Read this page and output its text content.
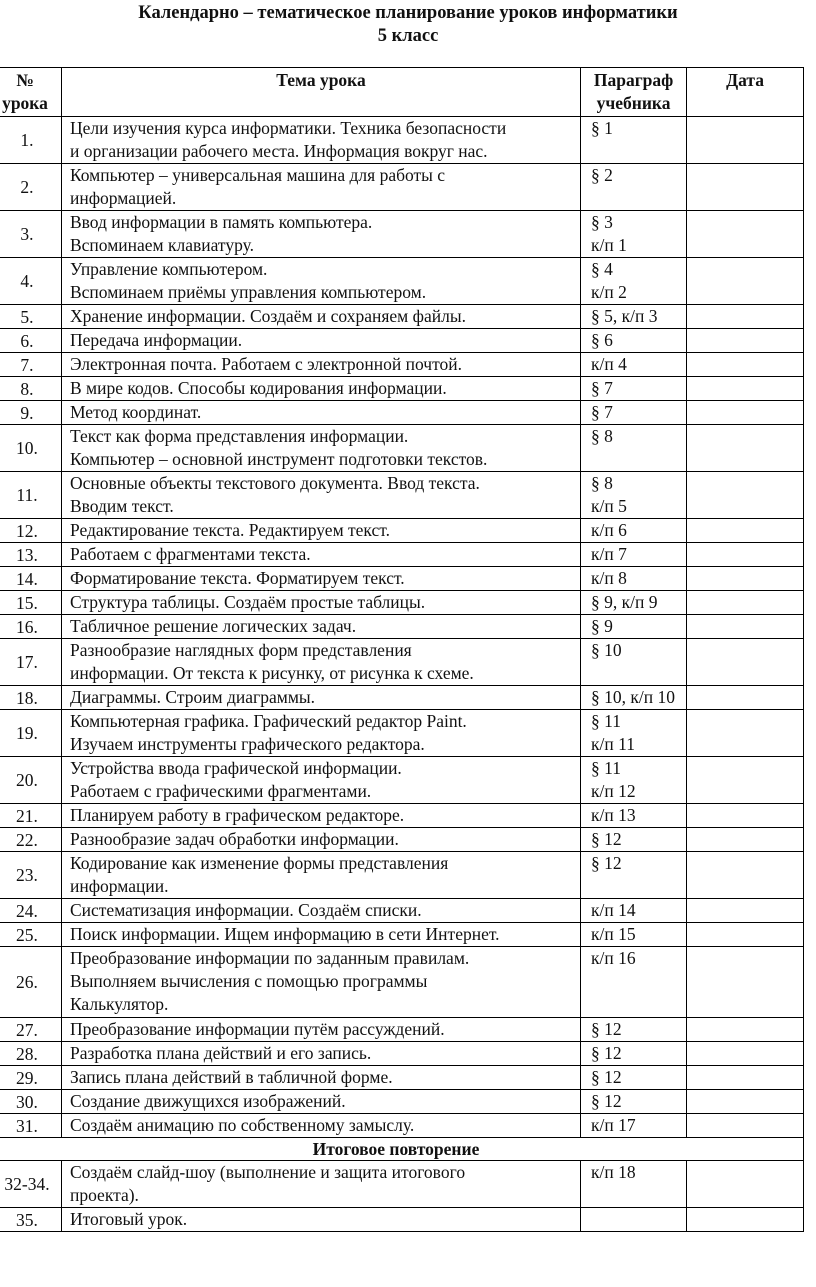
Календарно – тематическое планирование уроков информатики
5 класс
№
урока	Тема урока	Параграф
учебника	Дата
1.	Цели изучения курса информатики. Техника безопасности
и организации рабочего места. Информация вокруг нас.	§ 1	
2.	Компьютер – универсальная машина для работы с
информацией.	§ 2	
3.	Ввод информации в память компьютера.
Вспоминаем клавиатуру.	§ 3
к/п 1	
4.	Управление компьютером.
Вспоминаем приёмы управления компьютером.	§ 4
к/п 2	
5.	Хранение информации. Создаём и сохраняем файлы.	§ 5, к/п 3	
6.	Передача информации.	§ 6	
7.	Электронная почта. Работаем с электронной почтой.	к/п 4	
8.	В мире кодов. Способы кодирования информации.	§ 7	
9.	Метод координат.	§ 7	
10.	Текст как форма представления информации.
Компьютер – основной инструмент подготовки текстов.	§ 8	
11.	Основные объекты текстового документа. Ввод текста.
Вводим текст.	§ 8
к/п 5	
12.	Редактирование текста. Редактируем текст.	к/п 6	
13.	Работаем с фрагментами текста.	к/п 7	
14.	Форматирование текста. Форматируем текст.	к/п 8	
15.	Структура таблицы. Создаём простые таблицы.	§ 9, к/п 9	
16.	Табличное решение логических задач.	§ 9	
17.	Разнообразие наглядных форм представления
информации. От текста к рисунку, от рисунка к схеме.	§ 10	
18.	Диаграммы. Строим диаграммы.	§ 10, к/п 10	
19.	Компьютерная графика. Графический редактор Paint.
Изучаем инструменты графического редактора.	§ 11
к/п 11	
20.	Устройства ввода графической информации.
Работаем с графическими фрагментами.	§ 11
к/п 12	
21.	Планируем работу в графическом редакторе.	к/п 13	
22.	Разнообразие задач обработки информации.	§ 12	
23.	Кодирование как изменение формы представления
информации.	§ 12	
24.	Систематизация информации. Создаём списки.	к/п 14	
25.	Поиск информации. Ищем информацию в сети Интернет.	к/п 15	
26.	Преобразование информации по заданным правилам.
Выполняем вычисления с помощью программы
Калькулятор.	к/п 16	
27.	Преобразование информации путём рассуждений.	§ 12	
28.	Разработка плана действий и его запись.	§ 12	
29.	Запись плана действий в табличной форме.	§ 12	
30.	Создание движущихся изображений.	§ 12	
31.	Создаём анимацию по собственному замыслу.	к/п 17	
Итоговое повторение			
32-34.	Создаём слайд-шоу (выполнение и защита итогового
проекта).	к/п 18	
35.	Итоговый урок.		
